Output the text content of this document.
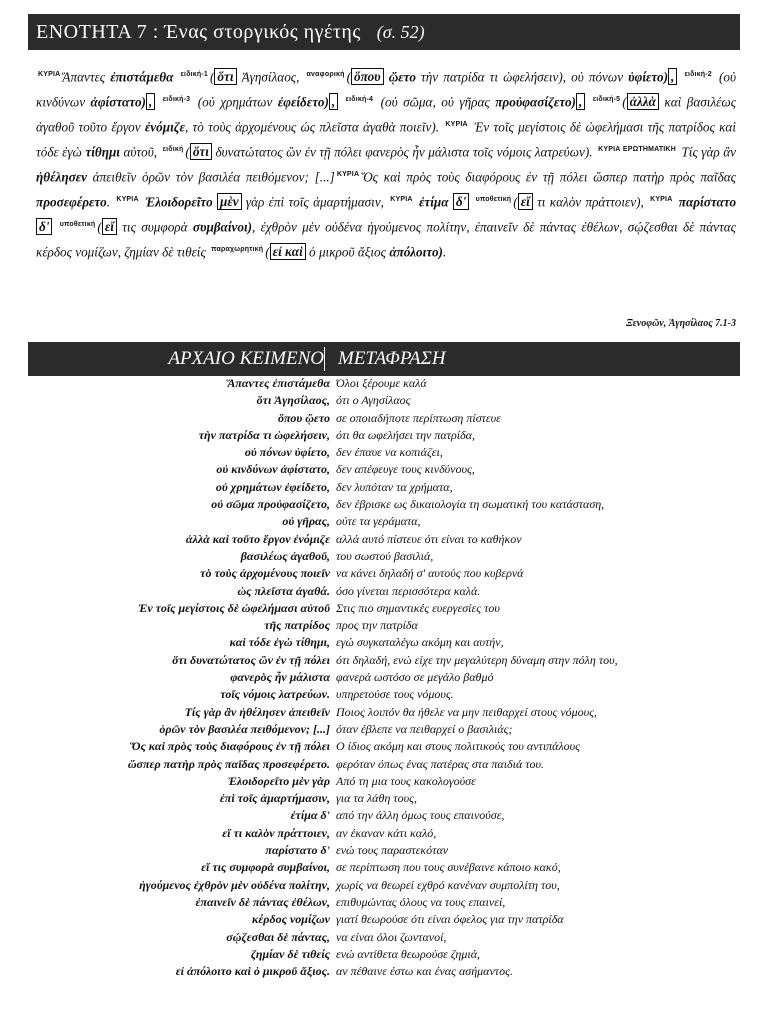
ΕΝΟΤΗΤΑ 7 : Ένας στοργικός ηγέτης (σ. 52)
$^{K\Upsilon PIA}$ Ἅπαντες ἐπιστάμεθα $^{\varepsilon\iota\delta\iota\kappa ή-1}$ ( ὅτι Ἀγησίλαος, $^{\alpha\nu\alpha\varphi o\rho\iota\kappa ή}$ ( ὅπου ᾤετο τὴν πατρίδα τι ὠφελήσειν), οὐ πόνων ὑφίετο) , $^{\varepsilon\iota\delta\iota\kappa ή-2}$ (οὐ κινδύνων ἀφίστατο) , $^{\varepsilon\iota\delta\iota\kappa ή-3}$ (οὐ χρημάτων ἐφείδετο) , $^{\varepsilon\iota\delta\iota\kappa ή-4}$ (οὐ σῶμα, οὐ γῆρας προὐφασίζετο) , $^{\varepsilon\iota\delta\iota\kappa ή-5}$ ( ἀλλὰ καὶ βασιλέως ἀγαθοῦ τοῦτο ἔργον ἐνόμιζε, τὸ τοὺς ἀρχομένους ὡς πλεῖστα ἀγαθὰ ποιεῖν). $^{K\Upsilon PIA}$ Ἐν τοῖς μεγίστοις δὲ ὠφελήμασι τῆς πατρίδος καὶ τόδε ἐγὼ τίθημι αὐτοῦ, $^{\varepsilon\iota\delta\iota\kappa ή}$ ( ὅτι δυνατώτατος ὢν ἐν τῇ πόλει φανερὸς ἦν μάλιστα τοῖς νόμοις λατρεύων). $^{K\Upsilon PIA EP\Omega THMATIKH}$ Τίς γὰρ ἂν ἠθέλησεν ἀπειθεῖν ὁρῶν τὸν βασιλέα πειθόμενον; [...] $^{K\Upsilon PIA}$ Ὅς καὶ πρὸς τοὺς διαφόρους ἐν τῇ πόλει ὥσπερ πατὴρ πρὸς παῖδας προσεφέρετο. $^{K\Upsilon PIA}$ Ἐλοιδορεῖτο μὲν γὰρ ἐπὶ τοῖς ἁμαρτήμασιν, $^{K\Upsilon PIA}$ ἐτίμα δ' $^{\upsilon\pi o\theta\varepsilon\tau\iota\kappa ή}$ ( εἴ τι καλὸν πράττοιεν), $^{K\Upsilon PIA}$ παρίστατο δ' $^{\upsilon\pi o\theta\varepsilon\tau\iota\kappa ή}$ ( εἴ τις συμφορὰ συμβαίνοι), ἐχθρὸν μὲν οὐδένα ἡγούμενος πολίτην, ἐπαινεῖν δὲ πάντας ἐθέλων, σῴζεσθαι δὲ πάντας κέρδος νομίζων, ζημίαν δὲ τιθείς $^{\pi\alpha\rho\alpha\chi\omega\rho\eta\tau\iota\kappa ή}$ ( εἰ καὶ ὁ μικροῦ ἄξιος ἀπόλοιτο).
Ξενοφῶν, Ἀγησίλαος 7.1-3
ΑΡΧΑΙΟ ΚΕΙΜΕΝΟ ΜΕΤΑΦΡΑΣΗ
Ἅπαντες ἐπιστάμεθα Όλοι ξέρουμε καλά
ὅτι Ἀγησίλαος, ότι ο Αγησίλαος
ὅπου ᾤετο σε οποιαδήποτε περίπτωση πίστευε
τὴν πατρίδα τι ὠφελήσειν, ότι θα ωφελήσει την πατρίδα,
οὐ πόνων ὑφίετο, δεν έπαυε να κοπιάζει,
οὐ κινδύνων ἀφίστατο, δεν απέφευγε τους κινδύνους,
οὐ χρημάτων ἐφείδετο, δεν λυπόταν τα χρήματα,
οὐ σῶμα προὐφασίζετο, δεν έβρισκε ως δικαιολογία τη σωματική του κατάσταση,
οὐ γῆρας, ούτε τα γεράματα,
ἀλλὰ καὶ τοῦτο ἔργον ἐνόμιζε αλλά αυτό πίστευε ότι είναι το καθήκον
βασιλέως ἀγαθοῦ, του σωστού βασιλιά,
τὸ τοὺς ἀρχομένους ποιεῖν να κάνει δηλαδή σ' αυτούς που κυβερνά
ὡς πλεῖστα ἀγαθά. όσο γίνεται περισσότερα καλά.
Ἐν τοῖς μεγίστοις δὲ ὠφελήμασι αὐτοῦ Στις πιο σημαντικές ευεργεσίες του
τῆς πατρίδος προς την πατρίδα
καὶ τόδε ἐγὼ τίθημι, εγώ συγκαταλέγω ακόμη και αυτήν,
ὅτι δυνατώτατος ὢν ἐν τῇ πόλει ότι δηλαδή, ενώ είχε την μεγαλύτερη δύναμη στην πόλη του,
φανερὸς ἦν μάλιστα φανερά ωστόσο σε μεγάλο βαθμό
τοῖς νόμοις λατρεύων. υπηρετούσε τους νόμους.
Τίς γὰρ ἂν ἠθέλησεν ἀπειθεῖν Ποιος λοιπόν θα ήθελε να μην πειθαρχεί στους νόμους,
ὁρῶν τὸν βασιλέα πειθόμενον; [...] όταν έβλεπε να πειθαρχεί ο βασιλιάς;
Ὅς καὶ πρὸς τοὺς διαφόρους ἐν τῇ πόλει Ο ίδιος ακόμη και στους πολιτικούς του αντιπάλους
ὥσπερ πατὴρ πρὸς παῖδας προσεφέρετο. φερόταν όπως ένας πατέρας στα παιδιά του.
Ἐλοιδορεῖτο μὲν γὰρ Από τη μια τους κακολογούσε
ἐπὶ τοῖς ἁμαρτήμασιν, για τα λάθη τους,
ἐτίμα δ' από την άλλη όμως τους επαινούσε,
εἴ τι καλὸν πράττοιεν, αν έκαναν κάτι καλό,
παρίστατο δ' ενώ τους παραστεκόταν
εἴ τις συμφορὰ συμβαίνοι, σε περίπτωση που τους συνέβαινε κάποιο κακό,
ἡγούμενος ἐχθρὸν μὲν οὐδένα πολίτην, χωρίς να θεωρεί εχθρό κανέναν συμπολίτη του,
ἐπαινεῖν δὲ πάντας ἐθέλων, επιθυμώντας όλους να τους επαινεί,
κέρδος νομίζων γιατί θεωρούσε ότι είναι όφελος για την πατρίδα
σῴζεσθαι δὲ πάντας, να είναι όλοι ζωντανοί,
ζημίαν δὲ τιθείς ενώ αντίθετα θεωρούσε ζημιά,
εἰ ἀπόλοιτο καὶ ὁ μικροῦ ἄξιος. αν πέθαινε έστω και ένας ασήμαντος.
